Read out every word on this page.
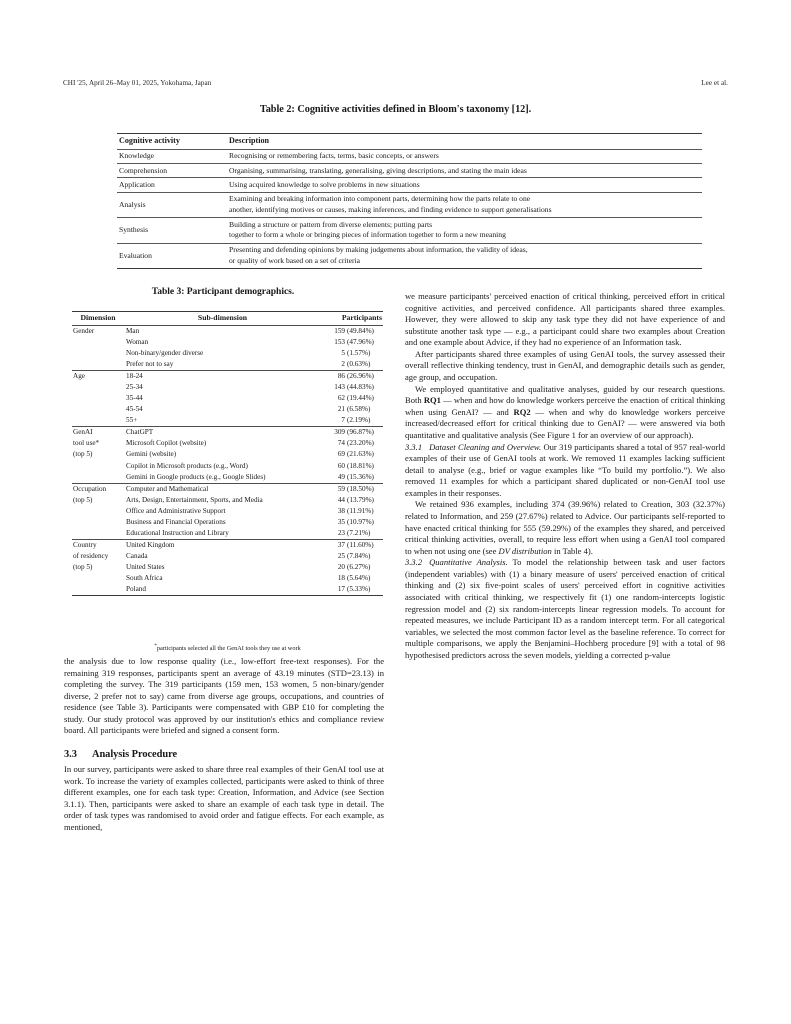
CHI '25, April 26–May 01, 2025, Yokohama, Japan	Lee et al.
Table 2: Cognitive activities defined in Bloom's taxonomy [12].
Cognitive activity	Description
Knowledge	Recognising or remembering facts, terms, basic concepts, or answers
Comprehension	Organising, summarising, translating, generalising, giving descriptions, and stating the main ideas
Application	Using acquired knowledge to solve problems in new situations
Analysis	Examining and breaking information into component parts, determining how the parts relate to one
another, identifying motives or causes, making inferences, and finding evidence to support generalisations
Synthesis	Building a structure or pattern from diverse elements; putting parts
together to form a whole or bringing pieces of information together to form a new meaning
Evaluation	Presenting and defending opinions by making judgements about information, the validity of ideas,
or quality of work based on a set of criteria
Table 3: Participant demographics.
Dimension	Sub-dimension	Participants	
Gender	Man	159	(49.84%)
	Woman	153	(47.96%)
	Non-binary/gender diverse	5	(1.57%)
	Prefer not to say	2	(0.63%)
Age	18-24	86	(26.96%)
	25-34	143	(44.83%)
	35-44	62	(19.44%)
	45-54	21	(6.58%)
	55+	7	(2.19%)
GenAI	ChatGPT	309	(96.87%)
tool use*	Microsoft Copilot (website)	74	(23.20%)
(top 5)	Gemini (website)	69	(21.63%)
	Copilot in Microsoft products (e.g., Word)	60	(18.81%)
	Gemini in Google products (e.g., Google Slides)	49	(15.36%)
Occupation	Computer and Mathematical	59	(18.50%)
(top 5)	Arts, Design, Entertainment, Sports, and Media	44	(13.79%)
	Office and Administrative Support	38	(11.91%)
	Business and Financial Operations	35	(10.97%)
	Educational Instruction and Library	23	(7.21%)
Country	United Kingdom	37	(11.60%)
of residency	Canada	25	(7.84%)
(top 5)	United States	20	(6.27%)
	South Africa	18	(5.64%)
	Poland	17	(5.33%)
*participants selected all the GenAI tools they use at work

the analysis due to low response quality (i.e., low-effort free-text responses). For the remaining 319 responses, participants spent an average of 43.19 minutes (STD=23.13) in completing the survey. The 319 participants (159 men, 153 women, 5 non-binary/gender diverse, 2 prefer not to say) came from diverse age groups, occupations, and countries of residence (see Table 3). Participants were compensated with GBP £10 for completing the study. Our study protocol was approved by our institution's ethics and compliance review board. All participants were briefed and signed a consent form.

3.3 Analysis Procedure

In our survey, participants were asked to share three real examples of their GenAI tool use at work. To increase the variety of examples collected, participants were asked to think of three different examples, one for each task type: Creation, Information, and Advice (see Section 3.1.1). Then, participants were asked to share an example of each task type in detail. The order of task types was randomised to avoid order and fatigue effects. For each example, as mentioned,

we measure participants' perceived enaction of critical thinking, perceived effort in critical cognitive activities, and perceived confidence. All participants shared three examples. However, they were allowed to skip any task type they did not have experience of and substitute another task type — e.g., a participant could share two examples about Creation and one example about Advice, if they had no experience of an Information task.

After participants shared three examples of using GenAI tools, the survey assessed their overall reflective thinking tendency, trust in GenAI, and demographic details such as gender, age group, and occupation.

We employed quantitative and qualitative analyses, guided by our research questions. Both RQ1 — when and how do knowledge workers perceive the enaction of critical thinking when using GenAI? — and RQ2 — when and why do knowledge workers perceive increased/decreased effort for critical thinking due to GenAI? — were answered via both quantitative and qualitative analysis (See Figure 1 for an overview of our approach).

3.3.1 Dataset Cleaning and Overview. Our 319 participants shared a total of 957 real-world examples of their use of GenAI tools at work. We removed 11 examples lacking sufficient detail to analyse (e.g., brief or vague examples like “To build my portfolio.”). We also removed 11 examples for which a participant shared duplicated or non-GenAI tool use examples in their responses.

We retained 936 examples, including 374 (39.96%) related to Creation, 303 (32.37%) related to Information, and 259 (27.67%) related to Advice. Our participants self-reported to have enacted critical thinking for 555 (59.29%) of the examples they shared, and perceived critical thinking activities, overall, to require less effort when using a GenAI tool compared to when not using one (see DV distribution in Table 4).

3.3.2 Quantitative Analysis. To model the relationship between task and user factors (independent variables) with (1) a binary measure of users' perceived enaction of critical thinking and (2) six five-point scales of users' perceived effort in cognitive activities associated with critical thinking, we respectively fit (1) one random-intercepts logistic regression model and (2) six random-intercepts linear regression models. To account for repeated measures, we include Participant ID as a random intercept term. For all categorical variables, we selected the most common factor level as the baseline reference. To correct for multiple comparisons, we apply the Benjamini–Hochberg procedure [9] with a total of 98 hypothesised predictors across the seven models, yielding a corrected p-value
